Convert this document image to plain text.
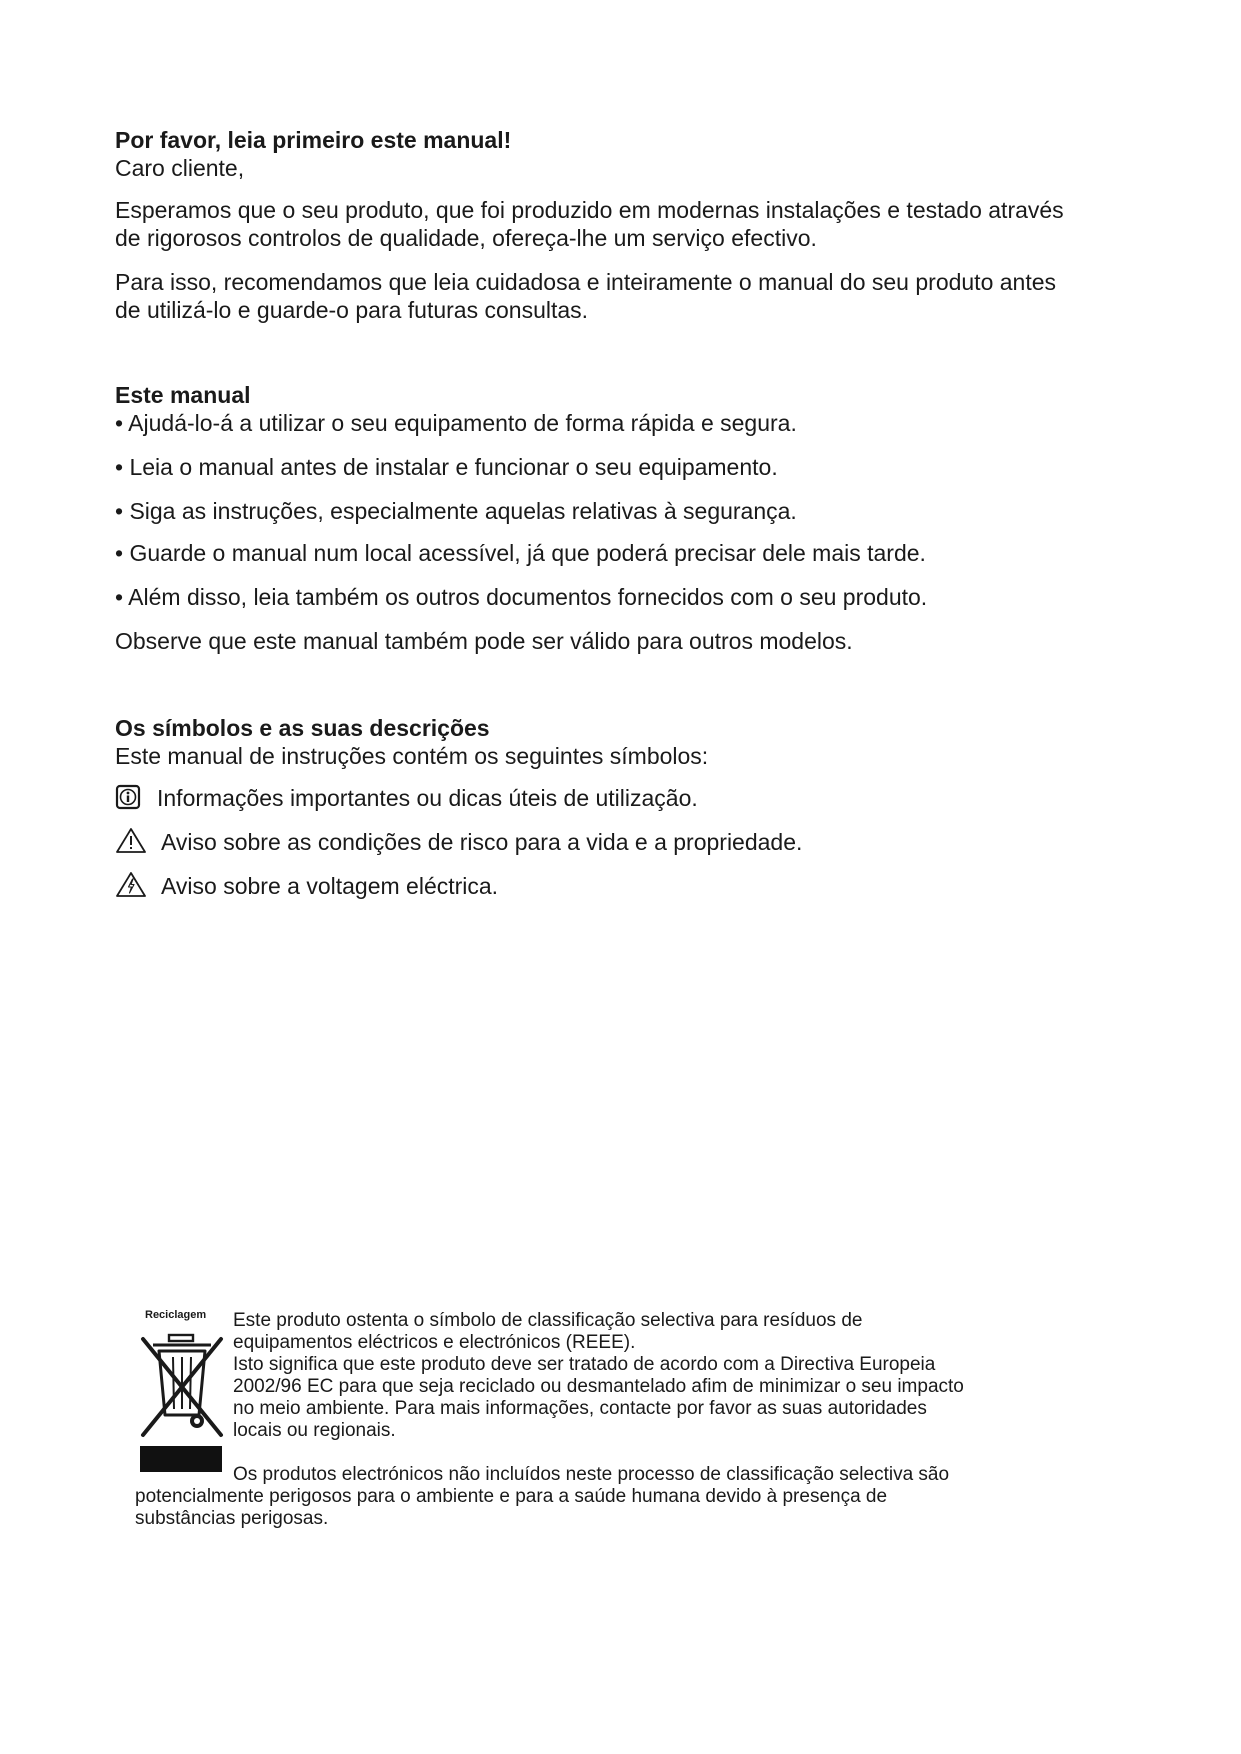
Por favor, leia primeiro este manual!
Caro cliente,
Esperamos que o seu produto, que foi produzido em modernas instalações e testado através
de rigorosos controlos de qualidade, ofereça-lhe um serviço efectivo.
Para isso, recomendamos que leia cuidadosa e inteiramente o manual do seu produto antes
de utilizá-lo e guarde-o para futuras consultas.
Este manual
• Ajudá-lo-á a utilizar o seu equipamento de forma rápida e segura.
• Leia o manual antes de instalar e funcionar o seu equipamento.
• Siga as instruções, especialmente aquelas relativas à segurança.
• Guarde o manual num local acessível, já que poderá precisar dele mais tarde.
• Além disso, leia também os outros documentos fornecidos com o seu produto.
Observe que este manual também pode ser válido para outros modelos.
Os símbolos e as suas descrições
Este manual de instruções contém os seguintes símbolos:
Informações importantes ou dicas úteis de utilização.
Aviso sobre as condições de risco para a vida e a propriedade.
Aviso sobre a voltagem eléctrica.
Reciclagem Este produto ostenta o símbolo de classificação selectiva para resíduos de
equipamentos eléctricos e electrónicos (REEE).
Isto significa que este produto deve ser tratado de acordo com a Directiva Europeia
2002/96 EC para que seja reciclado ou desmantelado afim de minimizar o seu impacto
no meio ambiente. Para mais informações, contacte por favor as suas autoridades
locais ou regionais.
Os produtos electrónicos não incluídos neste processo de classificação selectiva são
potencialmente perigosos para o ambiente e para a saúde humana devido à presença de
substâncias perigosas.
